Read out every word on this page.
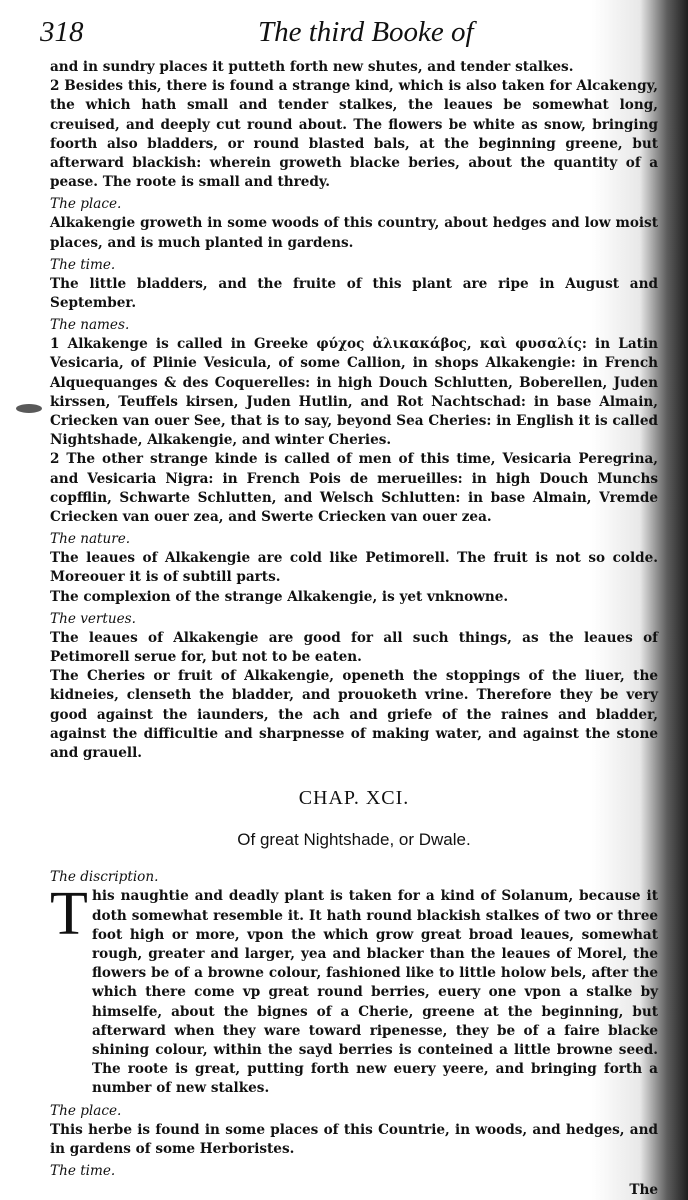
318	The third Booke of

and in sundry places it putteth forth new shutes, and tender stalkes.

2 Besides this, there is found a strange kind, which is also taken for Alcakengy, the which hath small and tender stalkes, the leaues be somewhat long, creuised, and deeply cut round about. The flowers be white as snow, bringing foorth also bladders, or round blasted bals, at the beginning greene, but afterward blackish: wherein groweth blacke beries, about the quantity of a pease. The roote is small and thredy.

The place.

Alkakengie groweth in some woods of this country, about hedges and low moist places, and is much planted in gardens.

The time.

The little bladders, and the fruite of this plant are ripe in August and September.

The names.

1 Alkakenge is called in Greeke φύχος ἀλικακάβος, καὶ φυσαλίς: in Latin Vesicaria, of Plinie Vesicula, of some Callion, in shops Alkakengie: in French Alquequanges & des Coquerelles: in high Douch Schlutten, Boberellen, Juden kirssen, Teuffels kirsen, Juden Hutlin, and Rot Nachtschad: in base Almain, Criecken van ouer See, that is to say, beyond Sea Cheries: in English it is called Nightshade, Alkakengie, and winter Cheries.

2 The other strange kinde is called of men of this time, Vesicaria Peregrina, and Vesicaria Nigra: in French Pois de merueilles: in high Douch Munchs copfflin, Schwarte Schlutten, and Welsch Schlutten: in base Almain, Vremde Criecken van ouer zea, and Swerte Criecken van ouer zea.

The nature.

The leaues of Alkakengie are cold like Petimorell. The fruit is not so colde. Moreouer it is of subtill parts.

The complexion of the strange Alkakengie, is yet vnknowne.

The vertues.

The leaues of Alkakengie are good for all such things, as the leaues of Petimorell serue for, but not to be eaten.

The Cheries or fruit of Alkakengie, openeth the stoppings of the liuer, the kidneies, clenseth the bladder, and prouoketh vrine. Therefore they be very good against the iaunders, the ach and griefe of the raines and bladder, against the difficultie and sharpnesse of making water, and against the stone and grauell.

CHAP. XCI.
Of great Nightshade, or Dwale.

The discription.

T his naughtie and deadly plant is taken for a kind of Solanum, because it doth somewhat resemble it. It hath round blackish stalkes of two or three foot high or more, vpon the which grow great broad leaues, somewhat rough, greater and larger, yea and blacker than the leaues of Morel, the flowers be of a browne colour, fashioned like to little holow bels, after the which there come vp great round berries, euery one vpon a stalke by himselfe, about the bignes of a Cherie, greene at the beginning, but afterward when they ware toward ripenesse, they be of a faire blacke shining colour, within the sayd berries is conteined a little browne seed. The roote is great, putting forth new euery yeere, and bringing forth a number of new stalkes.

The place.

This herbe is found in some places of this Countrie, in woods, and hedges, and in gardens of some Herboristes.

The time.

The
